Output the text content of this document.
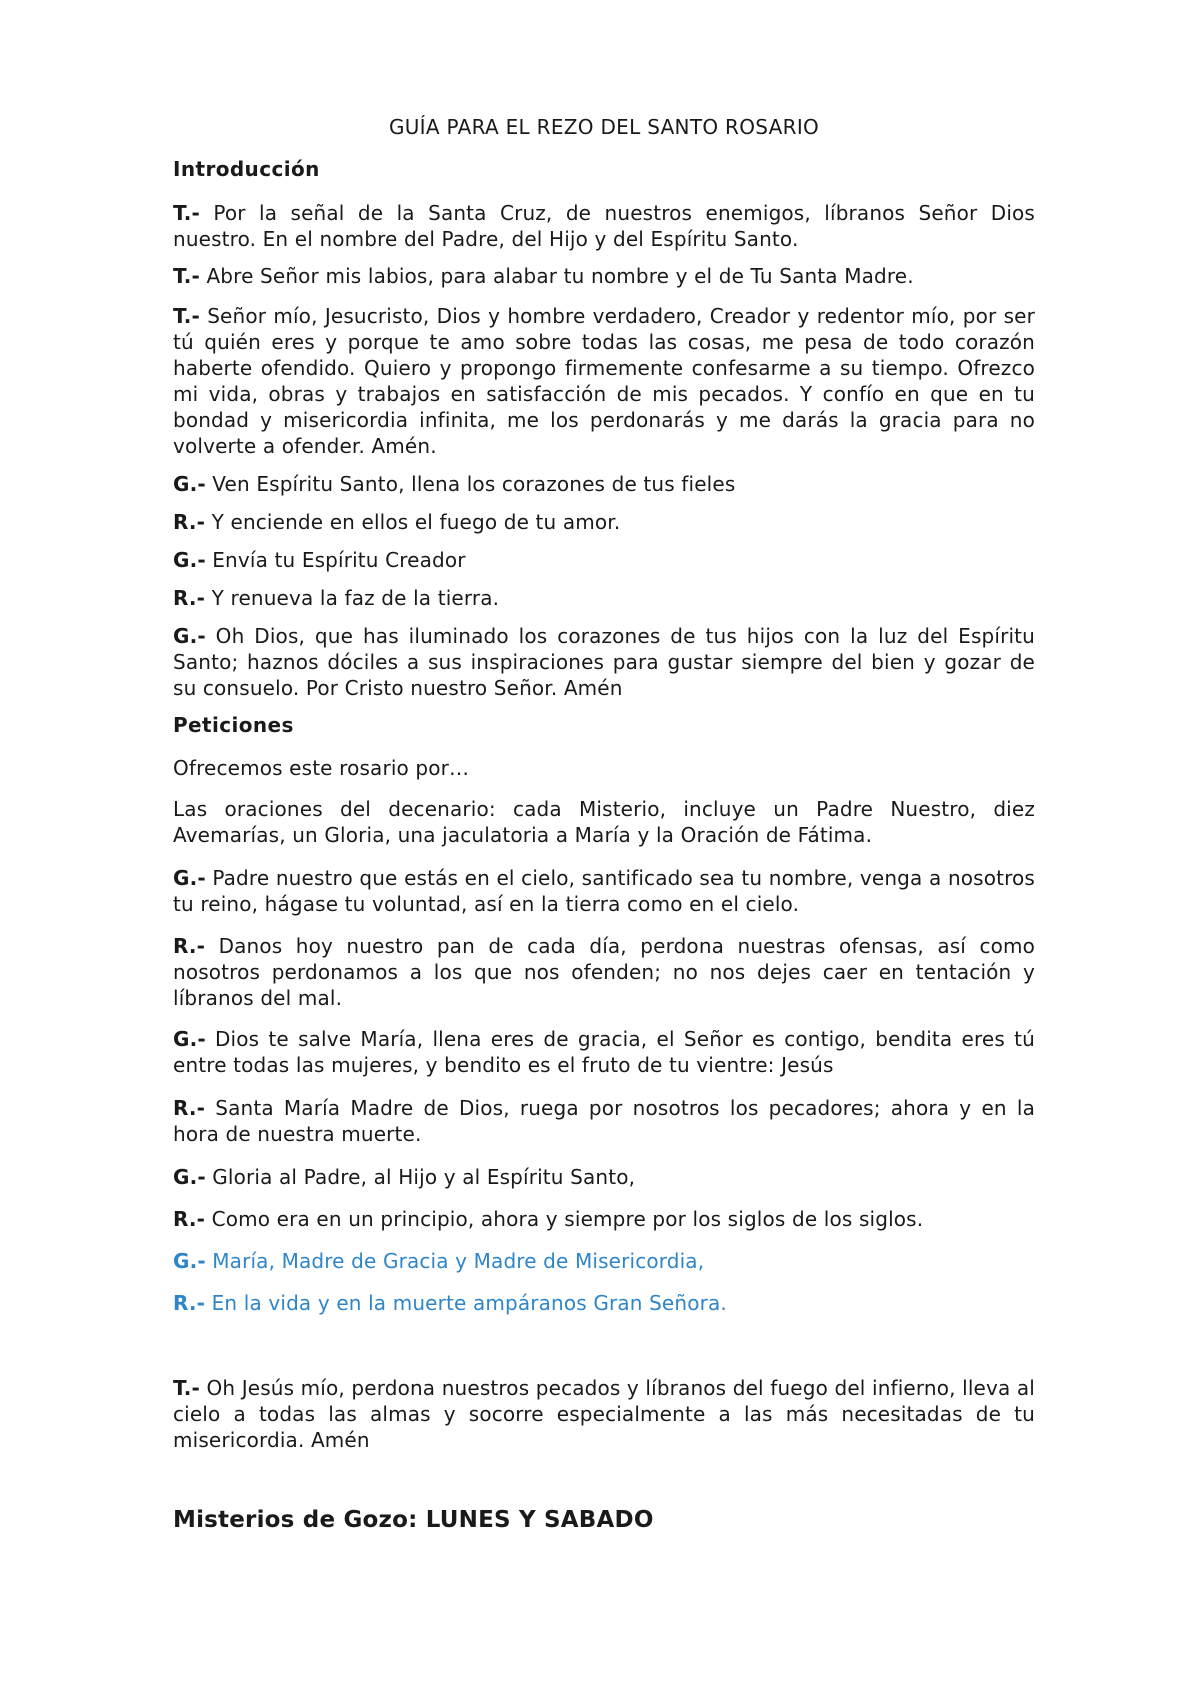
GUÍA PARA EL REZO DEL SANTO ROSARIO
Introducción
T.- Por la señal de la Santa Cruz, de nuestros enemigos, líbranos Señor Dios nuestro. En el nombre del Padre, del Hijo y del Espíritu Santo.
T.- Abre Señor mis labios, para alabar tu nombre y el de Tu Santa Madre.
T.- Señor mío, Jesucristo, Dios y hombre verdadero, Creador y redentor mío, por ser tú quién eres y porque te amo sobre todas las cosas, me pesa de todo corazón haberte ofendido. Quiero y propongo firmemente confesarme a su tiempo. Ofrezco mi vida, obras y trabajos en satisfacción de mis pecados. Y confío en que en tu bondad y misericordia infinita, me los perdonarás y me darás la gracia para no volverte a ofender. Amén.
G.- Ven Espíritu Santo, llena los corazones de tus fieles
R.- Y enciende en ellos el fuego de tu amor.
G.- Envía tu Espíritu Creador
R.- Y renueva la faz de la tierra.
G.- Oh Dios, que has iluminado los corazones de tus hijos con la luz del Espíritu Santo; haznos dóciles a sus inspiraciones para gustar siempre del bien y gozar de su consuelo. Por Cristo nuestro Señor. Amén
Peticiones
Ofrecemos este rosario por…
Las oraciones del decenario: cada Misterio, incluye un Padre Nuestro, diez Avemarías, un Gloria, una jaculatoria a María y la Oración de Fátima.
G.- Padre nuestro que estás en el cielo, santificado sea tu nombre, venga a nosotros tu reino, hágase tu voluntad, así en la tierra como en el cielo.
R.- Danos hoy nuestro pan de cada día, perdona nuestras ofensas, así como nosotros perdonamos a los que nos ofenden; no nos dejes caer en tentación y líbranos del mal.
G.- Dios te salve María, llena eres de gracia, el Señor es contigo, bendita eres tú entre todas las mujeres, y bendito es el fruto de tu vientre: Jesús
R.- Santa María Madre de Dios, ruega por nosotros los pecadores; ahora y en la hora de nuestra muerte.
G.- Gloria al Padre, al Hijo y al Espíritu Santo,
R.- Como era en un principio, ahora y siempre por los siglos de los siglos.
G.- María, Madre de Gracia y Madre de Misericordia,
R.- En la vida y en la muerte ampáranos Gran Señora.
T.- Oh Jesús mío, perdona nuestros pecados y líbranos del fuego del infierno, lleva al cielo a todas las almas y socorre especialmente a las más necesitadas de tu misericordia. Amén
Misterios de Gozo: LUNES Y SABADO
